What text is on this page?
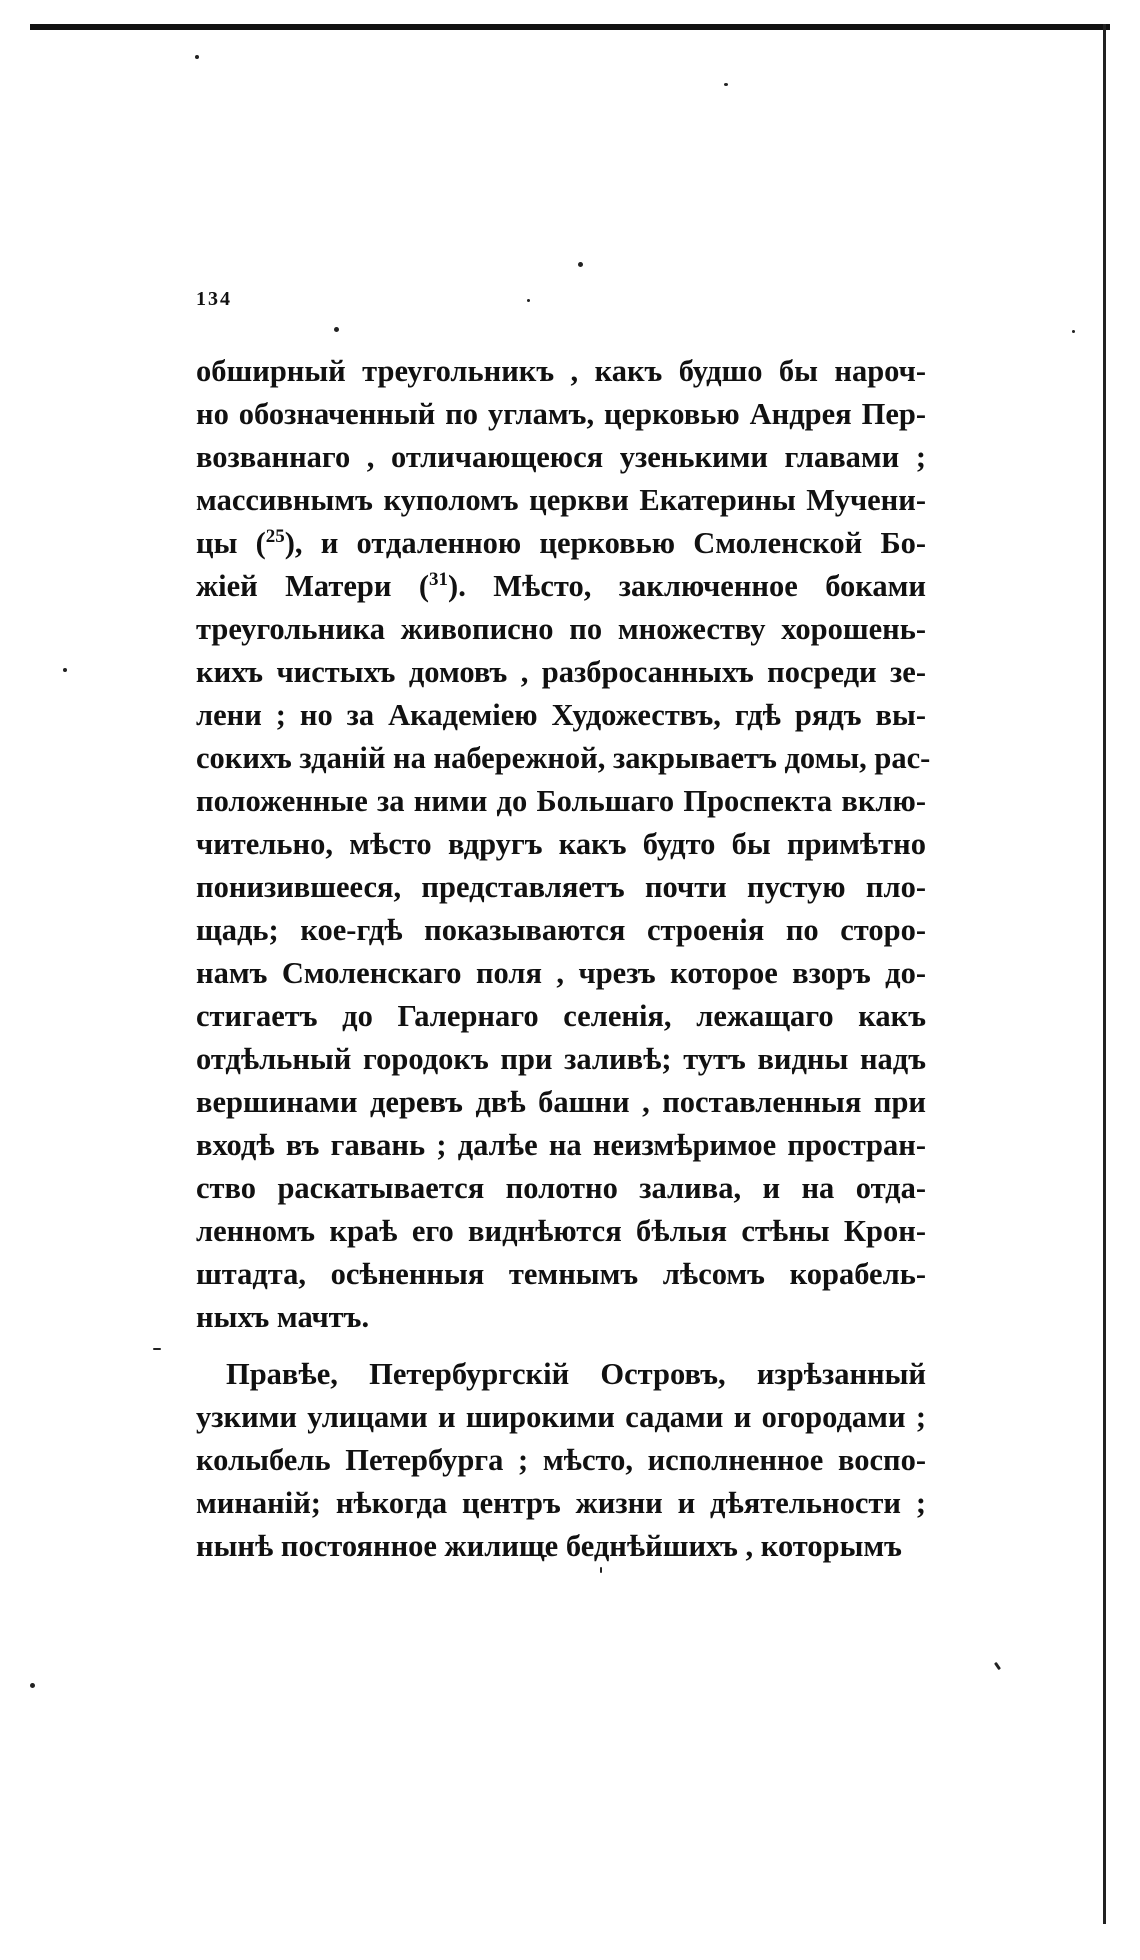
134
обширный треугольникъ , какъ будшо бы нароч-
но обозначенный по угламъ, церковью Андрея Пер-
возваннаго , отличающеюся узенькими главами ;
массивнымъ куполомъ церкви Екатерины Мучени-
цы ($^{25}$), и отдаленною церковью Смоленской Бо-
жіей Матери ($^{31}$). Мѣсто, заключенное боками
треугольника живописно по множеству хорошень-
кихъ чистыхъ домовъ , разбросанныхъ посреди зе-
лени ; но за Академіею Художествъ, гдѣ рядъ вы-
сокихъ зданій на набережной, закрываетъ домы, рас-
положенные за ними до Большаго Проспекта вклю-
чительно, мѣсто вдругъ какъ будто бы примѣтно
понизившееся, представляетъ почти пустую пло-
щадь; кое-гдѣ показываются строенія по сторо-
намъ Смоленскаго поля , чрезъ которое взоръ до-
стигаетъ до Галернаго селенія, лежащаго какъ
отдѣльный городокъ при заливѣ; тутъ видны надъ
вершинами деревъ двѣ башни , поставленныя при
входѣ въ гавань ; далѣе на неизмѣримое простран-
ство раскатывается полотно залива, и на отда-
ленномъ краѣ его виднѣются бѣлыя стѣны Крон-
штадта, осѣненныя темнымъ лѣсомъ корабель-
ныхъ мачтъ.
Правѣе, Петербургскій Островъ, изрѣзанный
узкими улицами и широкими садами и огородами ;
колыбель Петербурга ; мѣсто, исполненное воспо-
минаній; нѣкогда центръ жизни и дѣятельности ;
нынѣ постоянное жилище беднѣйшихъ , которымъ
